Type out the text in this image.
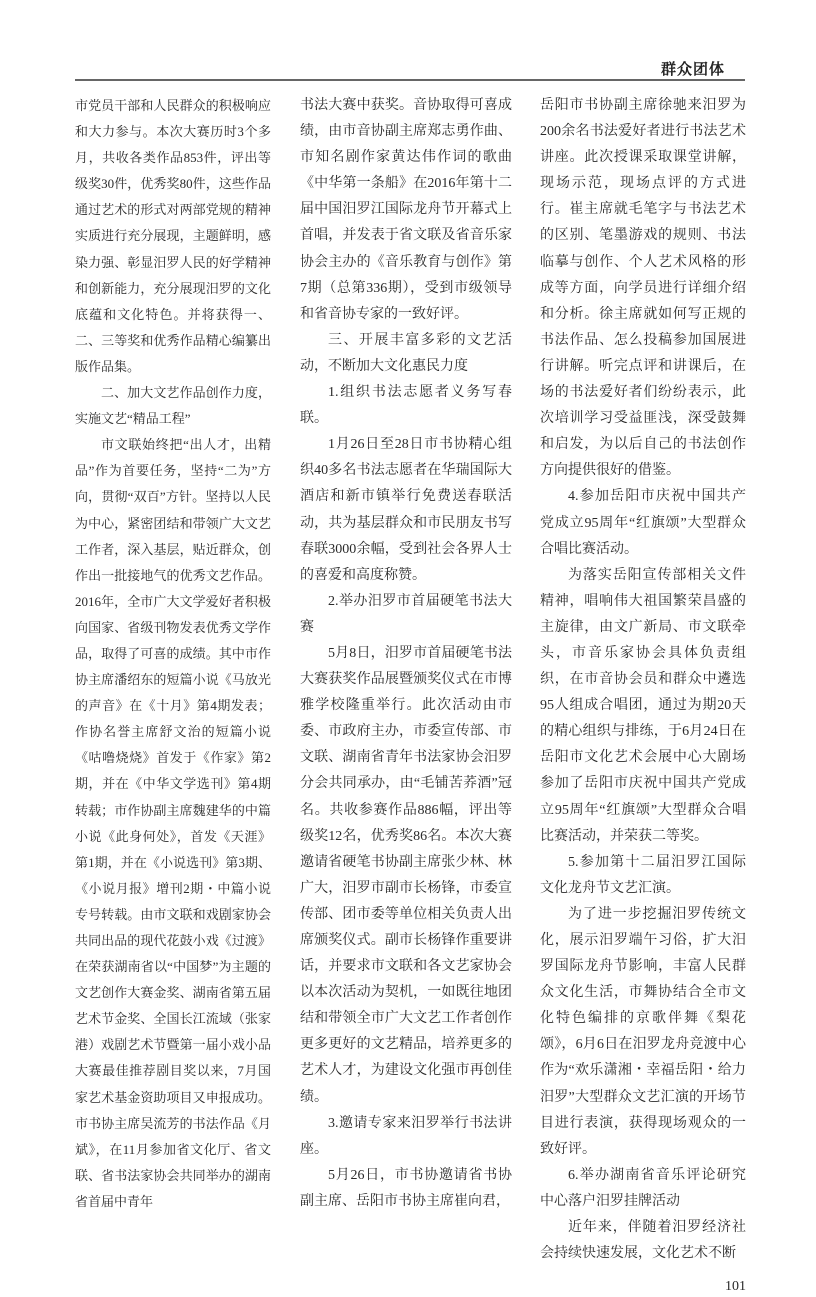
群众团体

市党员干部和人民群众的积极响应和大力参与。本次大赛历时3个多月，共收各类作品853件，评出等级奖30件，优秀奖80件，这些作品通过艺术的形式对两部党规的精神实质进行充分展现，主题鲜明，感染力强、彰显汨罗人民的好学精神和创新能力，充分展现汨罗的文化底蕴和文化特色。并将获得一、二、三等奖和优秀作品精心编纂出版作品集。

二、加大文艺作品创作力度，实施文艺“精品工程”

市文联始终把“出人才，出精品”作为首要任务，坚持“二为”方向，贯彻“双百”方针。坚持以人民为中心，紧密团结和带领广大文艺工作者，深入基层，贴近群众，创作出一批接地气的优秀文艺作品。2016年，全市广大文学爱好者积极向国家、省级刊物发表优秀文学作品，取得了可喜的成绩。其中市作协主席潘绍东的短篇小说《马放光的声音》在《十月》第4期发表；作协名誉主席舒文治的短篇小说《咕噜烧烧》首发于《作家》第2期，并在《中华文学选刊》第4期转载；市作协副主席魏建华的中篇小说《此身何处》，首发《天涯》第1期，并在《小说选刊》第3期、《小说月报》增刊2期・中篇小说专号转载。由市文联和戏剧家协会共同出品的现代花鼓小戏《过渡》在荣获湖南省以“中国梦”为主题的文艺创作大赛金奖、湖南省第五届艺术节金奖、全国长江流域（张家港）戏剧艺术节暨第一届小戏小品大赛最佳推荐剧目奖以来，7月国家艺术基金资助项目又申报成功。市书协主席吴流芳的书法作品《月斌》，在11月参加省文化厅、省文联、省书法家协会共同举办的湖南省首届中青年

书法大赛中获奖。音协取得可喜成绩，由市音协副主席郑志勇作曲、市知名剧作家黄达伟作词的歌曲《中华第一条船》在2016年第十二届中国汨罗江国际龙舟节开幕式上首唱，并发表于省文联及省音乐家协会主办的《音乐教育与创作》第7期（总第336期），受到市级领导和省音协专家的一致好评。

三、开展丰富多彩的文艺活动，不断加大文化惠民力度

1.组织书法志愿者义务写春联。

1月26日至28日市书协精心组织40多名书法志愿者在华瑞国际大酒店和新市镇举行免费送春联活动，共为基层群众和市民朋友书写春联3000余幅，受到社会各界人士的喜爱和高度称赞。

2.举办汨罗市首届硬笔书法大赛

5月8日，汨罗市首届硬笔书法大赛获奖作品展暨颁奖仪式在市博雅学校隆重举行。此次活动由市委、市政府主办，市委宣传部、市文联、湖南省青年书法家协会汨罗分会共同承办，由“毛铺苦荞酒”冠名。共收参赛作品886幅，评出等级奖12名，优秀奖86名。本次大赛邀请省硬笔书协副主席张少林、林广大，汨罗市副市长杨锋，市委宣传部、团市委等单位相关负责人出席颁奖仪式。副市长杨锋作重要讲话，并要求市文联和各文艺家协会以本次活动为契机，一如既往地团结和带领全市广大文艺工作者创作更多更好的文艺精品，培养更多的艺术人才，为建设文化强市再创佳绩。

3.邀请专家来汨罗举行书法讲座。

5月26日，市书协邀请省书协副主席、岳阳市书协主席崔向君，

岳阳市书协副主席徐驰来汨罗为200余名书法爱好者进行书法艺术讲座。此次授课采取课堂讲解，现场示范，现场点评的方式进行。崔主席就毛笔字与书法艺术的区别、笔墨游戏的规则、书法临摹与创作、个人艺术风格的形成等方面，向学员进行详细介绍和分析。徐主席就如何写正规的书法作品、怎么投稿参加国展进行讲解。听完点评和讲课后，在场的书法爱好者们纷纷表示，此次培训学习受益匪浅，深受鼓舞和启发，为以后自己的书法创作方向提供很好的借鉴。

4.参加岳阳市庆祝中国共产党成立95周年“红旗颂”大型群众合唱比赛活动。

为落实岳阳宣传部相关文件精神，唱响伟大祖国繁荣昌盛的主旋律，由文广新局、市文联牵头，市音乐家协会具体负责组织，在市音协会员和群众中遴选95人组成合唱团，通过为期20天的精心组织与排练，于6月24日在岳阳市文化艺术会展中心大剧场参加了岳阳市庆祝中国共产党成立95周年“红旗颂”大型群众合唱比赛活动，并荣获二等奖。

5.参加第十二届汨罗江国际文化龙舟节文艺汇演。

为了进一步挖掘汨罗传统文化，展示汨罗端午习俗，扩大汨罗国际龙舟节影响，丰富人民群众文化生活，市舞协结合全市文化特色编排的京歌伴舞《梨花颂》，6月6日在汨罗龙舟竞渡中心作为“欢乐潇湘・幸福岳阳・给力汨罗”大型群众文艺汇演的开场节目进行表演，获得现场观众的一致好评。

6.举办湖南省音乐评论研究中心落户汨罗挂牌活动

近年来，伴随着汨罗经济社会持续快速发展，文化艺术不断

101
